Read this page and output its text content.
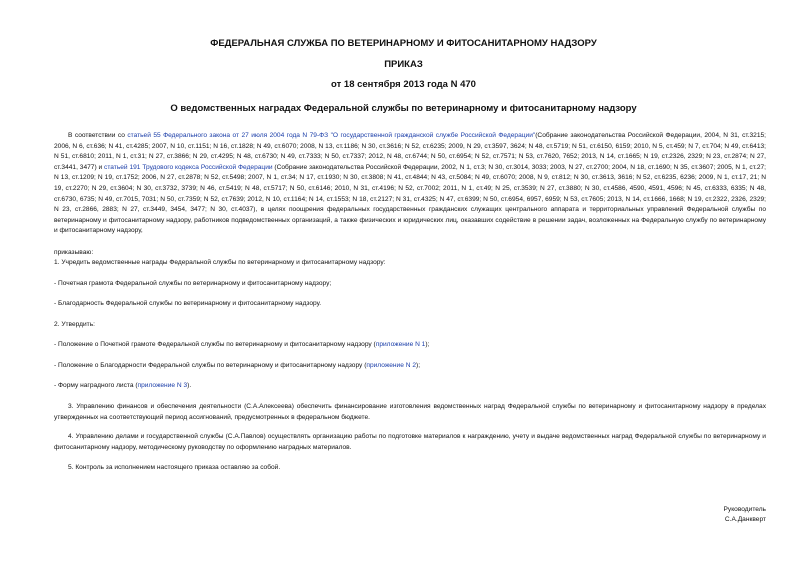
ФЕДЕРАЛЬНАЯ СЛУЖБА ПО ВЕТЕРИНАРНОМУ И ФИТОСАНИТАРНОМУ НАДЗОРУ
ПРИКАЗ
от 18 сентября 2013 года N 470
О ведомственных наградах Федеральной службы по ветеринарному и фитосанитарному надзору
В соответствии со статьей 55 Федерального закона от 27 июля 2004 года N 79-ФЗ "О государственной гражданской службе Российской Федерации"(Собрание законодательства Российской Федерации, 2004, N 31, ст.3215; 2006, N 6, ст.636; N 41, ст.4285; 2007, N 10, ст.1151; N 16, ст.1828; N 49, ст.6070; 2008, N 13, ст.1186; N 30, ст.3616; N 52, ст.6235; 2009, N 29, ст.3597, 3624; N 48, ст.5719; N 51, ст.6150, 6159; 2010, N 5, ст.459; N 7, ст.704; N 49, ст.6413; N 51, ст.6810; 2011, N 1, ст.31; N 27, ст.3866; N 29, ст.4295; N 48, ст.6730; N 49, ст.7333; N 50, ст.7337; 2012, N 48, ст.6744; N 50, ст.6954; N 52, ст.7571; N 53, ст.7620, 7652; 2013, N 14, ст.1665; N 19, ст.2326, 2329; N 23, ст.2874; N 27, ст.3441, 3477) и статьей 191 Трудового кодекса Российской Федерации (Собрание законодательства Российской Федерации, 2002, N 1, ст.3; N 30, ст.3014, 3033; 2003, N 27, ст.2700; 2004, N 18, ст.1690; N 35, ст.3607; 2005, N 1, ст.27; N 13, ст.1209; N 19, ст.1752; 2006, N 27, ст.2878; N 52, ст.5498; 2007, N 1, ст.34; N 17, ст.1930; N 30, ст.3808; N 41, ст.4844; N 43, ст.5084; N 49, ст.6070; 2008, N 9, ст.812; N 30, ст.3613, 3616; N 52, ст.6235, 6236; 2009, N 1, ст.17, 21; N 19, ст.2270; N 29, ст.3604; N 30, ст.3732, 3739; N 46, ст.5419; N 48, ст.5717; N 50, ст.6146; 2010, N 31, ст.4196; N 52, ст.7002; 2011, N 1, ст.49; N 25, ст.3539; N 27, ст.3880; N 30, ст.4586, 4590, 4591, 4596; N 45, ст.6333, 6335; N 48, ст.6730, 6735; N 49, ст.7015, 7031; N 50, ст.7359; N 52, ст.7639; 2012, N 10, ст.1164; N 14, ст.1553; N 18, ст.2127; N 31, ст.4325; N 47, ст.6399; N 50, ст.6954, 6957, 6959; N 53, ст.7605; 2013, N 14, ст.1666, 1668; N 19, ст.2322, 2326, 2329; N 23, ст.2866, 2883; N 27, ст.3449, 3454, 3477; N 30, ст.4037), в целях поощрения федеральных государственных гражданских служащих центрального аппарата и территориальных управлений Федеральной службы по ветеринарному и фитосанитарному надзору, работников подведомственных организаций, а также физических и юридических лиц, оказавших содействие в решении задач, возложенных на Федеральную службу по ветеринарному и фитосанитарному надзору,
приказываю:
1. Учредить ведомственные награды Федеральной службы по ветеринарному и фитосанитарному надзору:
- Почетная грамота Федеральной службы по ветеринарному и фитосанитарному надзору;
- Благодарность Федеральной службы по ветеринарному и фитосанитарному надзору.
2. Утвердить:
- Положение о Почетной грамоте Федеральной службы по ветеринарному и фитосанитарному надзору (приложение N 1);
- Положение о Благодарности Федеральной службы по ветеринарному и фитосанитарному надзору (приложение N 2);
- Форму наградного листа (приложение N 3).
3. Управлению финансов и обеспечения деятельности (С.А.Алексеева) обеспечить финансирование изготовления ведомственных наград Федеральной службы по ветеринарному и фитосанитарному надзору в пределах утвержденных на соответствующий период ассигнований, предусмотренных в федеральном бюджете.
4. Управлению делами и государственной службы (С.А.Павлов) осуществлять организацию работы по подготовке материалов к награждению, учету и выдаче ведомственных наград Федеральной службы по ветеринарному и фитосанитарному надзору, методическому руководству по оформлению наградных материалов.
5. Контроль за исполнением настоящего приказа оставляю за собой.
Руководитель
С.А.Данкверт
